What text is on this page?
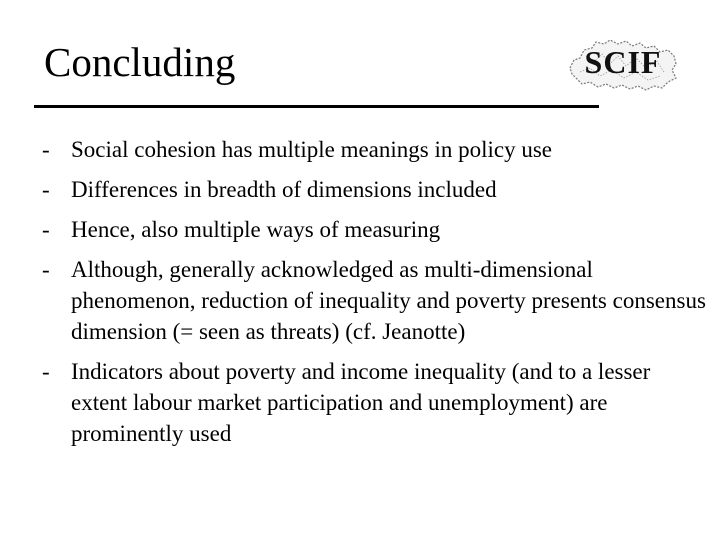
Concluding	SCIF
- Social cohesion has multiple meanings in policy use
- Differences in breadth of dimensions included
- Hence, also multiple ways of measuring
- Although, generally acknowledged as multi-dimensional phenomenon, reduction of inequality and poverty presents consensus dimension (= seen as threats) (cf. Jeanotte)
- Indicators about poverty and income inequality (and to a lesser extent labour market participation and unemployment) are prominently used
